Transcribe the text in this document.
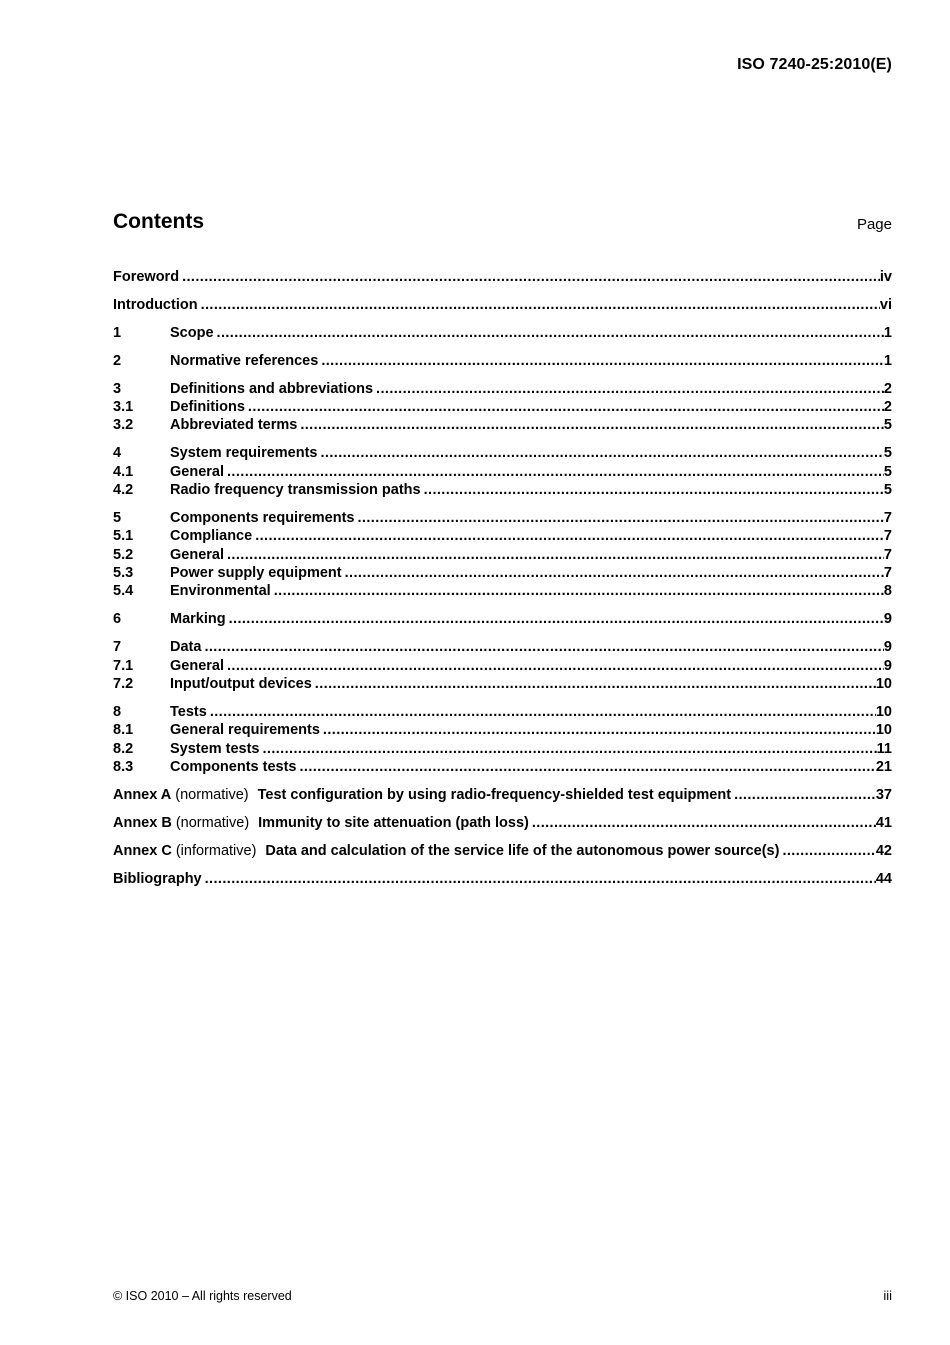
ISO 7240-25:2010(E)
Contents	Page
Foreword .....	iv
Introduction .....	vi
1	Scope .....	1
2	Normative references .....	1
3	Definitions and abbreviations .....	2
3.1	Definitions .....	2
3.2	Abbreviated terms .....	5
4	System requirements .....	5
4.1	General .....	5
4.2	Radio frequency transmission paths .....	5
5	Components requirements .....	7
5.1	Compliance .....	7
5.2	General .....	7
5.3	Power supply equipment .....	7
5.4	Environmental .....	8
6	Marking .....	9
7	Data .....	9
7.1	General .....	9
7.2	Input/output devices .....	10
8	Tests .....	10
8.1	General requirements .....	10
8.2	System tests .....	11
8.3	Components tests .....	21
Annex A (normative) Test configuration by using radio-frequency-shielded test equipment .....	37
Annex B (normative) Immunity to site attenuation (path loss) .....	41
Annex C (informative) Data and calculation of the service life of the autonomous power source(s) .....	42
Bibliography .....	44
© ISO 2010 – All rights reserved	iii
